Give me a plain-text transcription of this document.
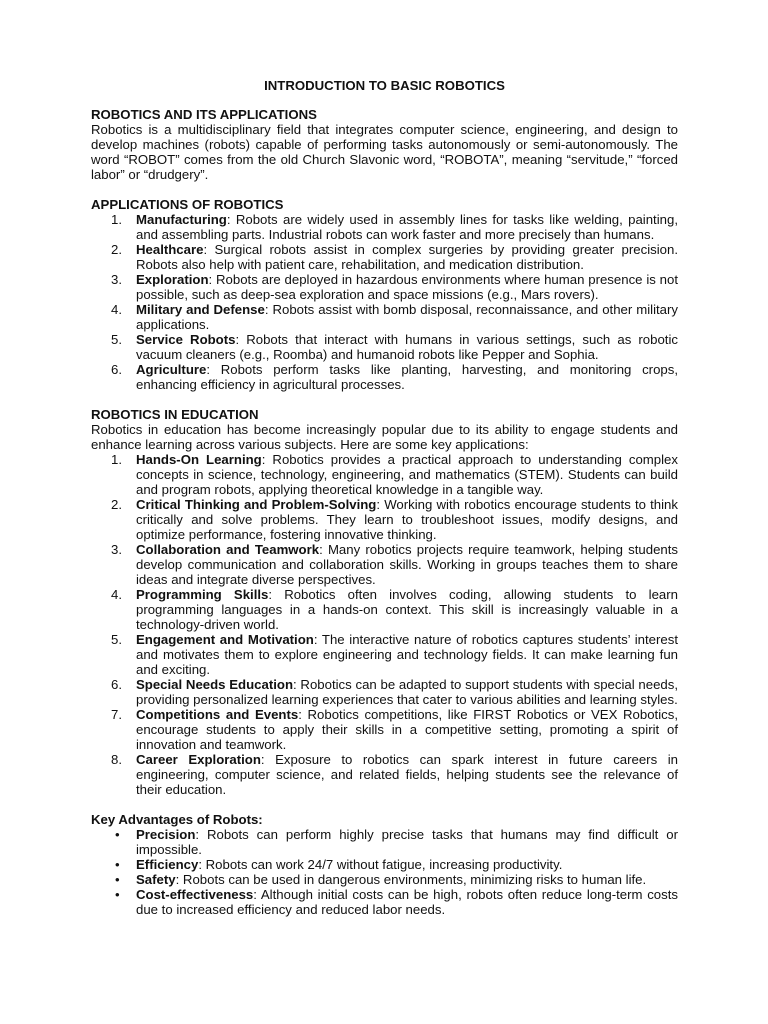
INTRODUCTION TO BASIC ROBOTICS
ROBOTICS AND ITS APPLICATIONS

Robotics is a multidisciplinary field that integrates computer science, engineering, and design to develop machines (robots) capable of performing tasks autonomously or semi-autonomously. The word “ROBOT” comes from the old Church Slavonic word, “ROBOTA”, meaning “servitude,” “forced labor” or “drudgery”.

APPLICATIONS OF ROBOTICS
1. Manufacturing: Robots are widely used in assembly lines for tasks like welding, painting, and assembling parts. Industrial robots can work faster and more precisely than humans.
2. Healthcare: Surgical robots assist in complex surgeries by providing greater precision. Robots also help with patient care, rehabilitation, and medication distribution.
3. Exploration: Robots are deployed in hazardous environments where human presence is not possible, such as deep-sea exploration and space missions (e.g., Mars rovers).
4. Military and Defense: Robots assist with bomb disposal, reconnaissance, and other military applications.
5. Service Robots: Robots that interact with humans in various settings, such as robotic vacuum cleaners (e.g., Roomba) and humanoid robots like Pepper and Sophia.
6. Agriculture: Robots perform tasks like planting, harvesting, and monitoring crops, enhancing efficiency in agricultural processes.
ROBOTICS IN EDUCATION

Robotics in education has become increasingly popular due to its ability to engage students and enhance learning across various subjects. Here are some key applications:

1. Hands-On Learning: Robotics provides a practical approach to understanding complex concepts in science, technology, engineering, and mathematics (STEM). Students can build and program robots, applying theoretical knowledge in a tangible way.
2. Critical Thinking and Problem-Solving: Working with robotics encourage students to think critically and solve problems. They learn to troubleshoot issues, modify designs, and optimize performance, fostering innovative thinking.
3. Collaboration and Teamwork: Many robotics projects require teamwork, helping students develop communication and collaboration skills. Working in groups teaches them to share ideas and integrate diverse perspectives.
4. Programming Skills: Robotics often involves coding, allowing students to learn programming languages in a hands-on context. This skill is increasingly valuable in a technology-driven world.
5. Engagement and Motivation: The interactive nature of robotics captures students’ interest and motivates them to explore engineering and technology fields. It can make learning fun and exciting.
6. Special Needs Education: Robotics can be adapted to support students with special needs, providing personalized learning experiences that cater to various abilities and learning styles.
7. Competitions and Events: Robotics competitions, like FIRST Robotics or VEX Robotics, encourage students to apply their skills in a competitive setting, promoting a spirit of innovation and teamwork.
8. Career Exploration: Exposure to robotics can spark interest in future careers in engineering, computer science, and related fields, helping students see the relevance of their education.
Key Advantages of Robots:
• Precision: Robots can perform highly precise tasks that humans may find difficult or impossible.
• Efficiency: Robots can work 24/7 without fatigue, increasing productivity.
• Safety: Robots can be used in dangerous environments, minimizing risks to human life.
• Cost-effectiveness: Although initial costs can be high, robots often reduce long-term costs due to increased efficiency and reduced labor needs.
